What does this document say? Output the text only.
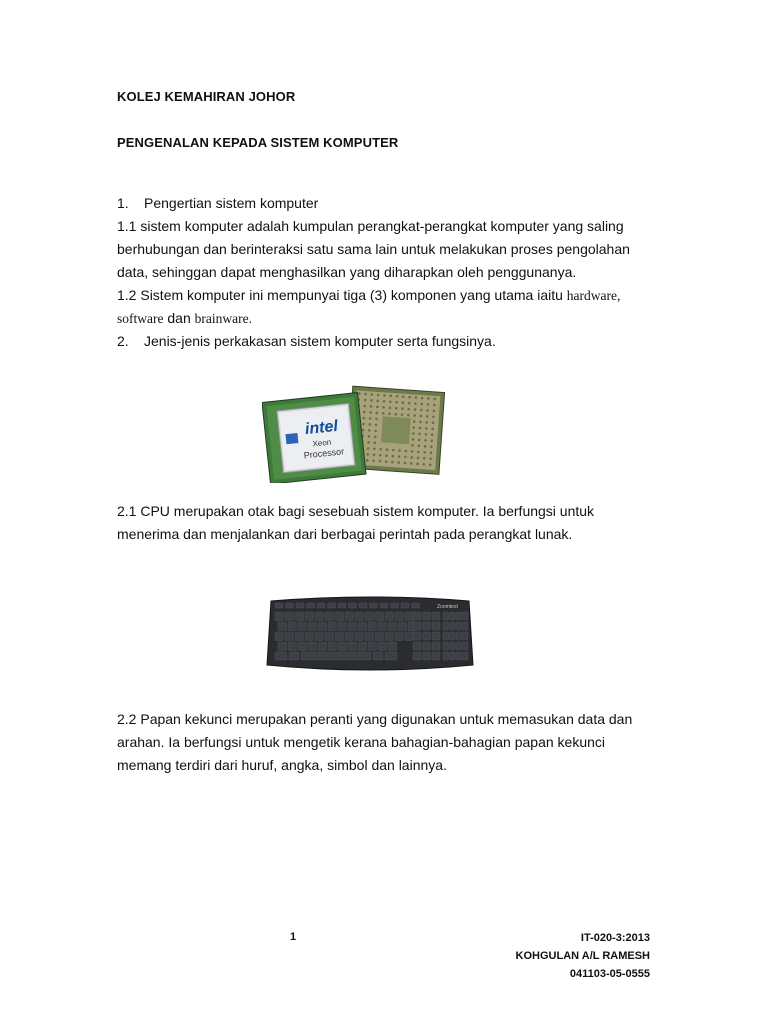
KOLEJ KEMAHIRAN JOHOR
PENGENALAN KEPADA SISTEM KOMPUTER
1. Pengertian sistem komputer
1.1 sistem komputer adalah kumpulan perangkat-perangkat komputer yang saling
berhubungan dan berinteraksi satu sama lain untuk melakukan proses pengolahan
data, sehinggan dapat menghasilkan yang diharapkan oleh penggunanya.
1.2 Sistem komputer ini mempunyai tiga (3) komponen yang utama iaitu hardware,
software dan brainware.
2. Jenis-jenis perkakasan sistem komputer serta fungsinya.
intel
Xeon
Processor
2.1 CPU merupakan otak bagi sesebuah sistem komputer. Ia berfungsi untuk
menerima dan menjalankan dari berbagai perintah pada perangkat lunak.
Zoomtext
2.2 Papan kekunci merupakan peranti yang digunakan untuk memasukan data dan
arahan. Ia berfungsi untuk mengetik kerana bahagian-bahagian papan kekunci
memang terdiri dari huruf, angka, simbol dan lainnya.
1	IT-020-3:2013
KOHGULAN A/L RAMESH
041103-05-0555
